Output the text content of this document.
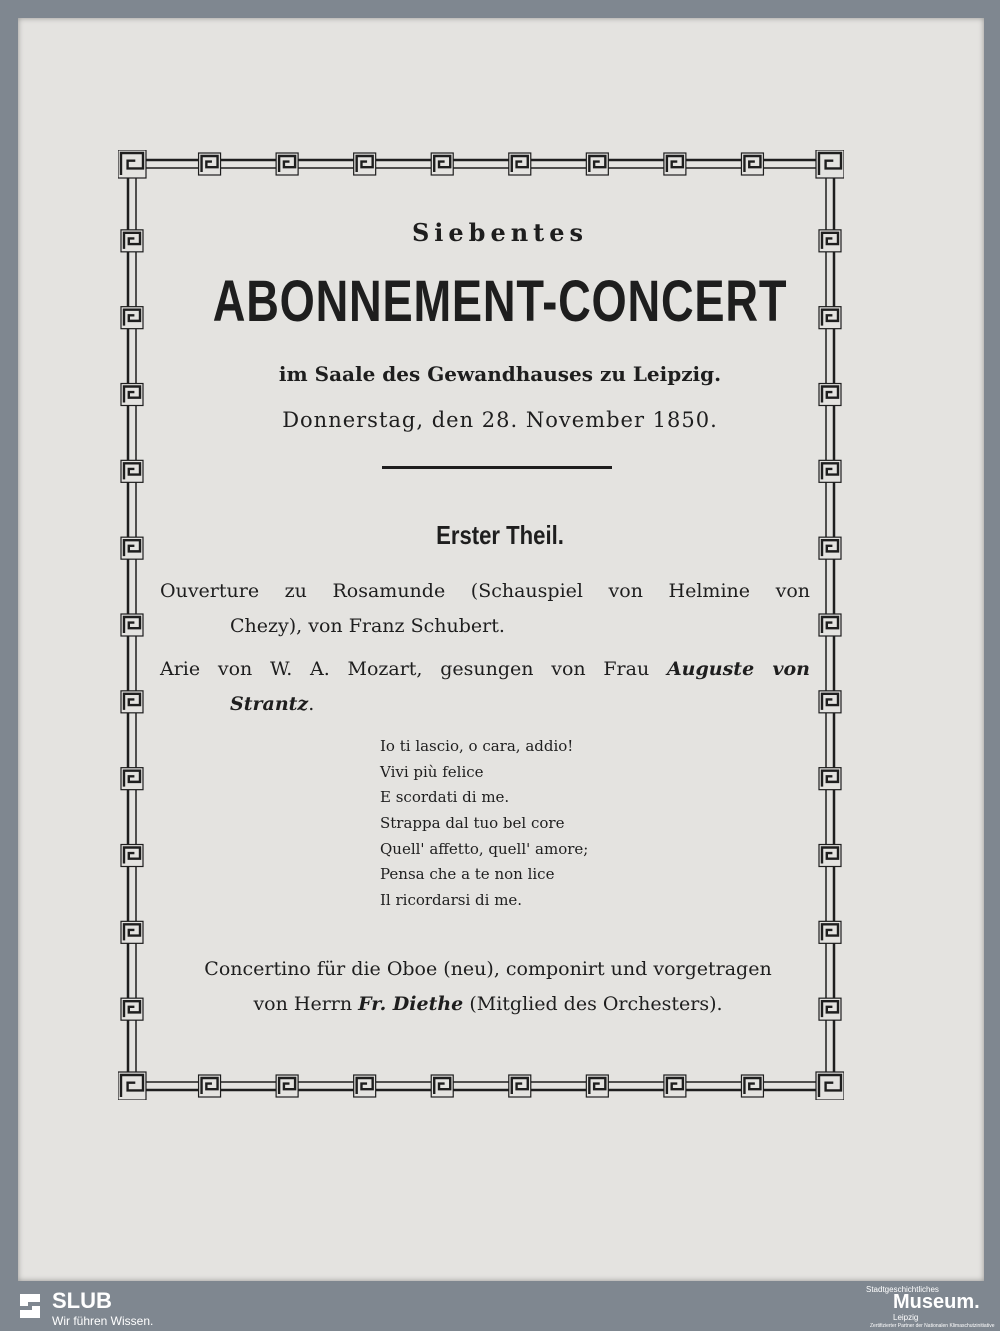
Siebentes
ABONNEMENT-CONCERT
im Saale des Gewandhauses zu Leipzig.
Donnerstag, den 28. November 1850.
Erster Theil.
Ouverture zu Rosamunde (Schauspiel von Helmine von
Chezy), von Franz Schubert.
Arie von W. A. Mozart, gesungen von Frau Auguste von
Strantz.
Io ti lascio, o cara, addio!
Vivi più felice
E scordati di me.
Strappa dal tuo bel core
Quell' affetto, quell' amore;
Pensa che a te non lice
Il ricordarsi di me.
Concertino für die Oboe (neu), componirt und vorgetragen
von Herrn Fr. Diethe (Mitglied des Orchesters).
SLUB
Wir führen Wissen.
Stadtgeschichtliches
Museum.
Leipzig
Zertifizierter Partner der Nationalen Klimaschutzinitiative
